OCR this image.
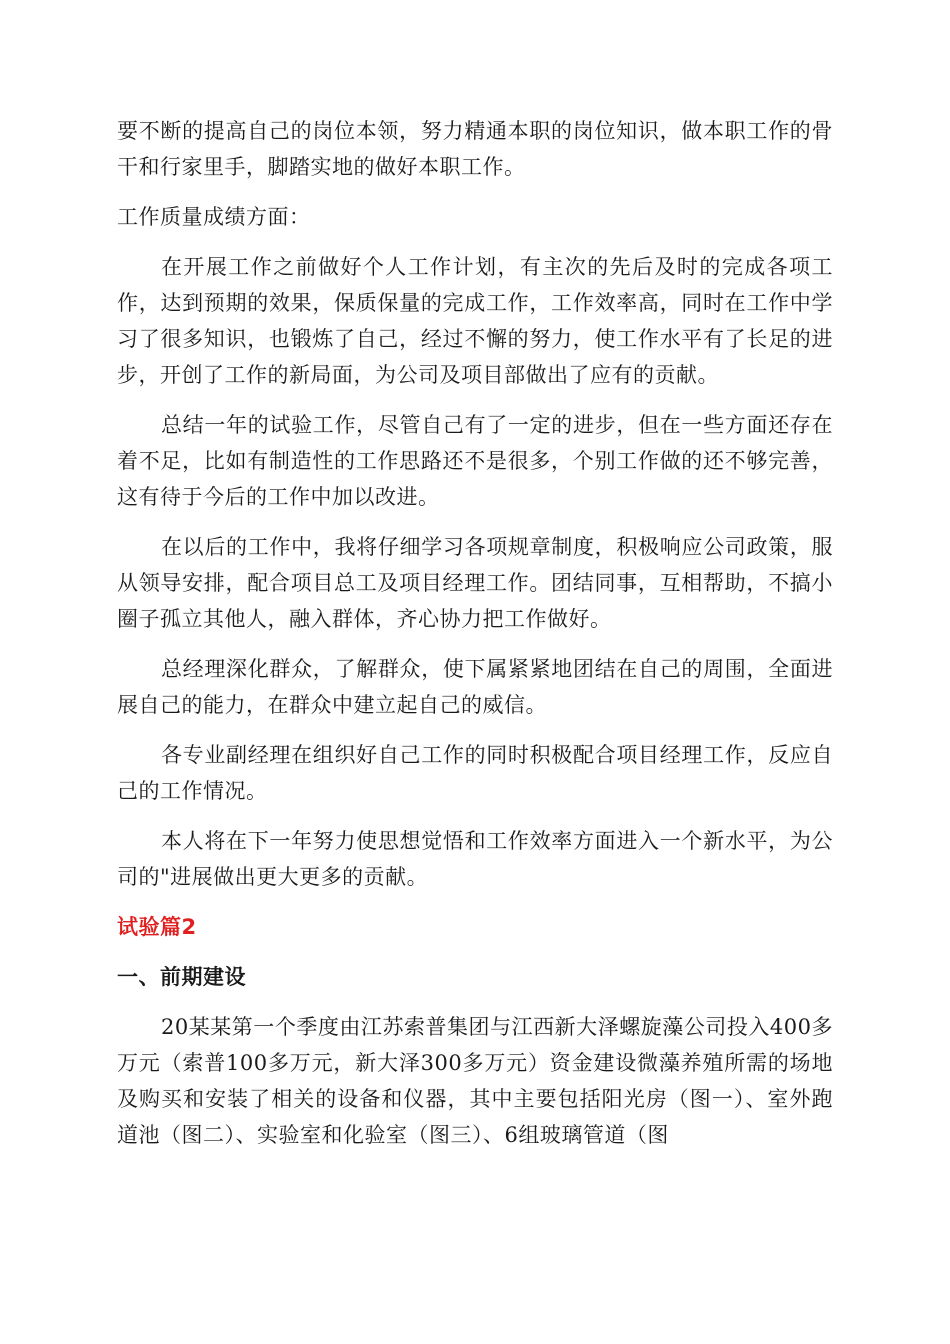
要不断的提高自己的岗位本领，努力精通本职的岗位知识，做本职工作的骨干和行家里手，脚踏实地的做好本职工作。

工作质量成绩方面：

在开展工作之前做好个人工作计划，有主次的先后及时的完成各项工作，达到预期的效果，保质保量的完成工作，工作效率高，同时在工作中学习了很多知识，也锻炼了自己，经过不懈的努力，使工作水平有了长足的进步，开创了工作的新局面，为公司及项目部做出了应有的贡献。

总结一年的试验工作，尽管自己有了一定的进步，但在一些方面还存在着不足，比如有制造性的工作思路还不是很多，个别工作做的还不够完善，这有待于今后的工作中加以改进。

在以后的工作中，我将仔细学习各项规章制度，积极响应公司政策，服从领导安排，配合项目总工及项目经理工作。团结同事，互相帮助，不搞小圈子孤立其他人，融入群体，齐心协力把工作做好。

总经理深化群众，了解群众，使下属紧紧地团结在自己的周围，全面进展自己的能力，在群众中建立起自己的威信。

各专业副经理在组织好自己工作的同时积极配合项目经理工作，反应自己的工作情况。

本人将在下一年努力使思想觉悟和工作效率方面进入一个新水平，为公司的"进展做出更大更多的贡献。

试验篇2
一、前期建设

20某某第一个季度由江苏索普集团与江西新大泽螺旋藻公司投入400多万元（索普100多万元，新大泽300多万元）资金建设微藻养殖所需的场地及购买和安装了相关的设备和仪器，其中主要包括阳光房（图一）、室外跑道池（图二）、实验室和化验室（图三）、6组玻璃管道（图
